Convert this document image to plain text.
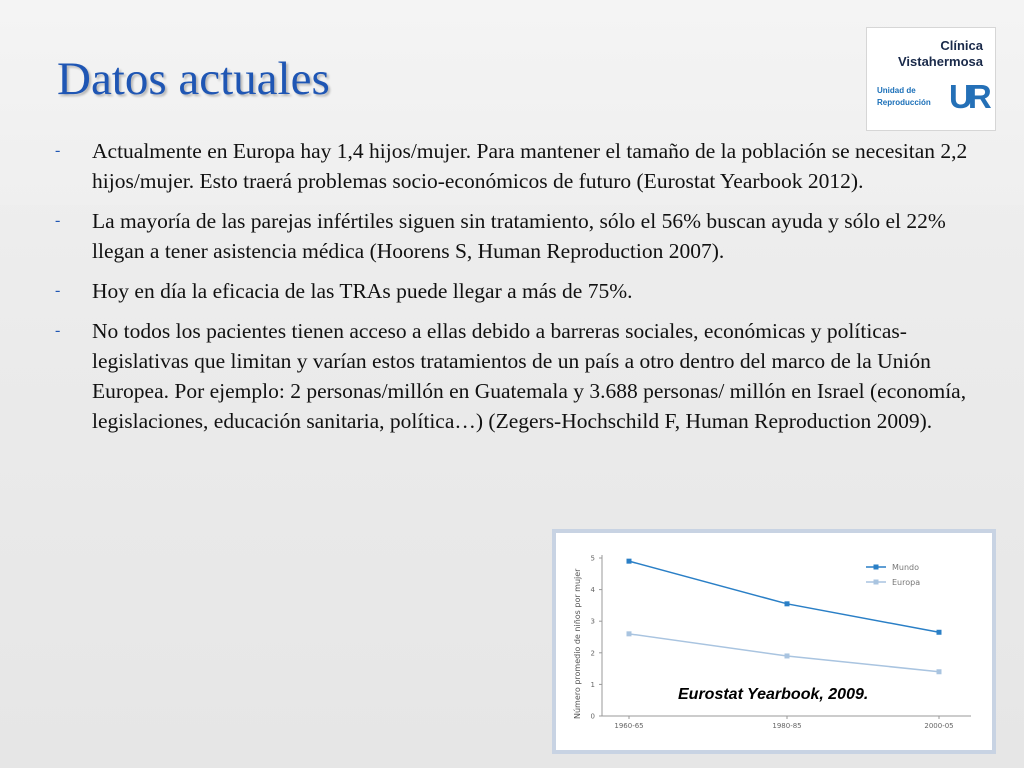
Datos actuales
Clínica
Vistahermosa
Unidad de
Reproducción UR
- Actualmente en Europa hay 1,4 hijos/mujer. Para mantener el tamaño de la población se necesitan 2,2 hijos/mujer. Esto traerá problemas socio-económicos de futuro (Eurostat Yearbook 2012).
- La mayoría de las parejas infértiles siguen sin tratamiento, sólo el 56% buscan ayuda y sólo el 22% llegan a tener asistencia médica (Hoorens S, Human Reproduction 2007).
- Hoy en día la eficacia de las TRAs puede llegar a más de 75%.
- No todos los pacientes tienen acceso a ellas debido a barreras sociales, económicas y políticas-legislativas que limitan y varían estos tratamientos de un país a otro dentro del marco de la Unión Europea. Por ejemplo: 2 personas/millón en Guatemala y 3.688 personas/ millón en Israel (economía, legislaciones, educación sanitaria, política…) (Zegers-Hochschild F, Human Reproduction 2009).
Número promedio de niños por mujer 0
1
2
3
4
5
1960-65	1980-85	2000-05
Mundo
Europa
Eurostat Yearbook, 2009.
